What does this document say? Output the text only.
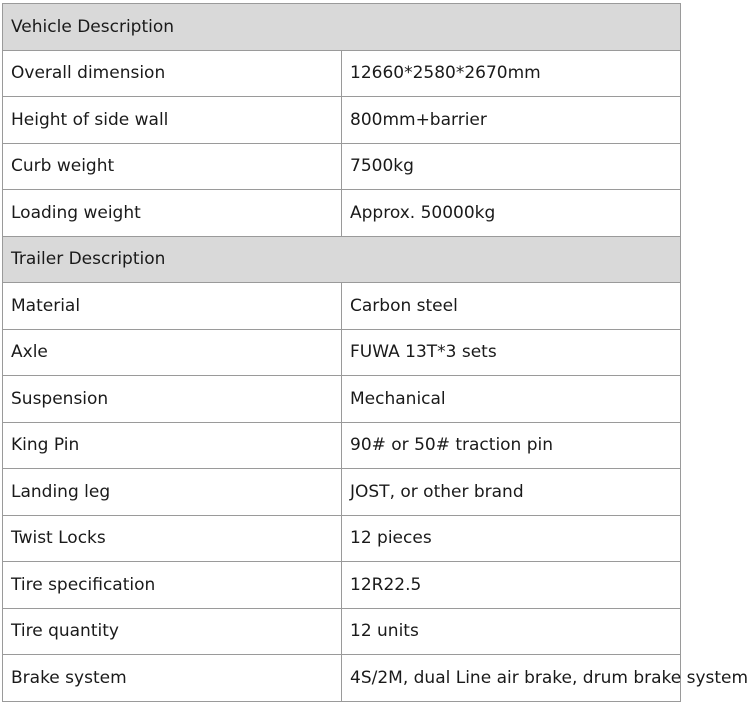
Vehicle Description	
Overall dimension	12660*2580*2670mm
Height of side wall	800mm+barrier
Curb weight	7500kg
Loading weight	Approx. 50000kg
Trailer Description	
Material	Carbon steel
Axle	FUWA 13T*3 sets
Suspension	Mechanical
King Pin	90# or 50# traction pin
Landing leg	JOST, or other brand
Twist Locks	12 pieces
Tire specification	12R22.5
Tire quantity	12 units
Brake system	4S/2M, dual Line air brake, drum brake system
